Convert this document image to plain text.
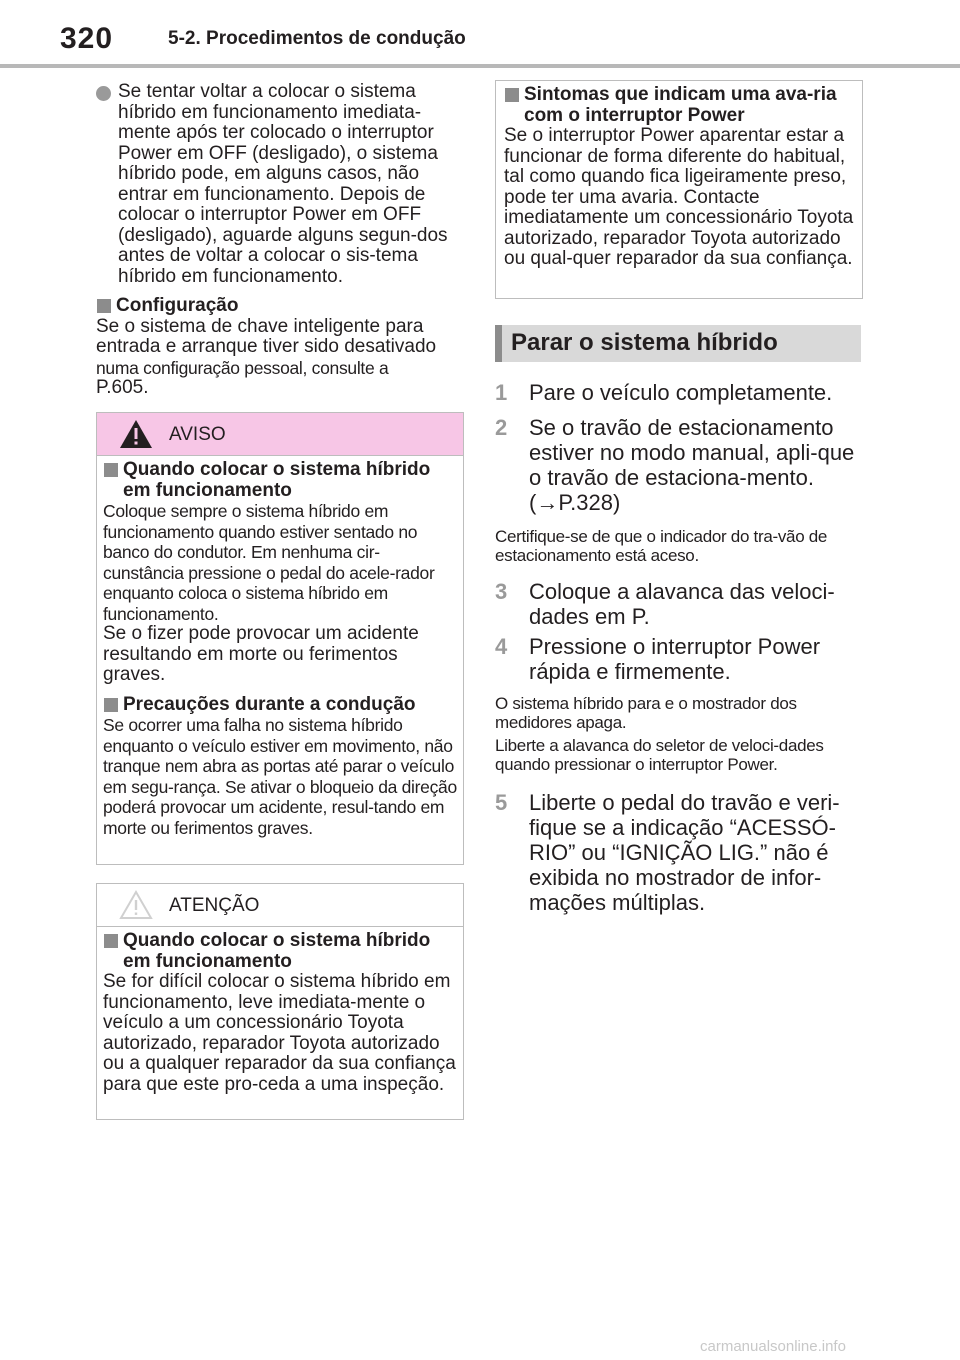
320	5-2. Procedimentos de condução
Se tentar voltar a colocar o sistema híbrido em funcionamento imediata-mente após ter colocado o interruptor Power em OFF (desligado), o sistema híbrido pode, em alguns casos, não entrar em funcionamento. Depois de colocar o interruptor Power em OFF (desligado), aguarde alguns segun-dos antes de voltar a colocar o sis-tema híbrido em funcionamento.
Configuração
Se o sistema de chave inteligente para entrada e arranque tiver sido desativado
numa configuração pessoal, consulte a
P.605.
AVISO
Quando colocar o sistema híbrido em funcionamento
Coloque sempre o sistema híbrido em funcionamento quando estiver sentado no banco do condutor. Em nenhuma cir-cunstância pressione o pedal do acele-rador enquanto coloca o sistema híbrido em funcionamento.
Se o fizer pode provocar um acidente resultando em morte ou ferimentos graves.
Precauções durante a condução
Se ocorrer uma falha no sistema híbrido enquanto o veículo estiver em movimento, não tranque nem abra as portas até parar o veículo em segu-rança. Se ativar o bloqueio da direção poderá provocar um acidente, resul-tando em morte ou ferimentos graves.
ATENÇÃO
Quando colocar o sistema híbrido em funcionamento
Se for difícil colocar o sistema híbrido em funcionamento, leve imediata-mente o veículo a um concessionário Toyota autorizado, reparador Toyota autorizado ou a qualquer reparador da sua confiança para que este pro-ceda a uma inspeção.
Sintomas que indicam uma ava-ria com o interruptor Power
Se o interruptor Power aparentar estar a funcionar de forma diferente do habitual, tal como quando fica ligeiramente preso, pode ter uma avaria. Contacte imediatamente um concessionário Toyota autorizado, reparador Toyota autorizado ou qual-quer reparador da sua confiança.
Parar o sistema híbrido
1 Pare o veículo completamente.
2 Se o travão de estacionamento estiver no modo manual, apli-que o travão de estaciona-mento. (→P.328)
Certifique-se de que o indicador do tra-vão de estacionamento está aceso.
3 Coloque a alavanca das veloci-dades em P.
4 Pressione o interruptor Power rápida e firmemente.
O sistema híbrido para e o mostrador dos medidores apaga.
Liberte a alavanca do seletor de veloci-dades quando pressionar o interruptor Power.
5 Liberte o pedal do travão e veri-fique se a indicação “ACESSÓ-RIO” ou “IGNIÇÃO LIG.” não é exibida no mostrador de infor-mações múltiplas.
carmanualsonline.info
